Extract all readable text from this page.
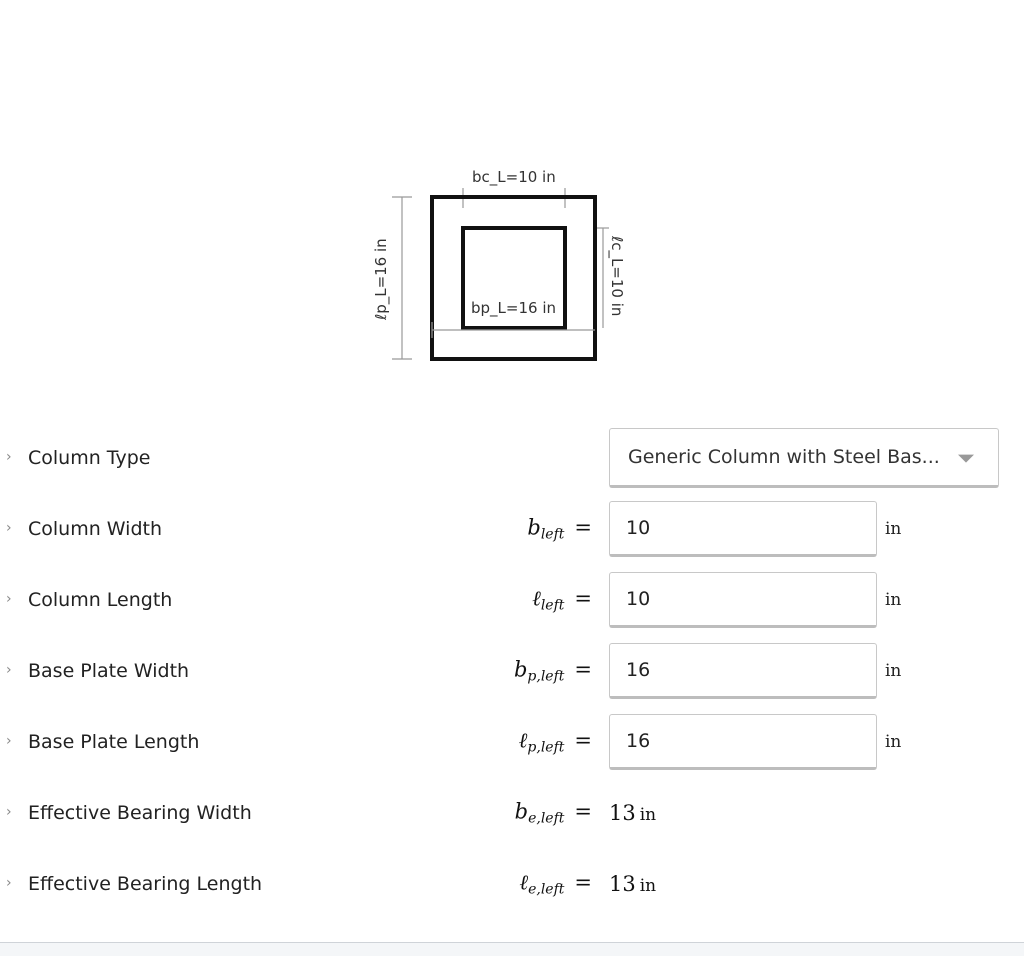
bc_L=10 in
bp_L=16 in
ℓp_L=16 in	ℓc_L=10 in
› Column Type	Generic Column with Steel Bas...
› Column Width	$b_{left} = 10$	in
› Column Length	ℓ$_{left}$ = 10	in
› Base Plate Width	$b_{p,left} = 16$	in
› Base Plate Length	ℓ$_{p,left}$ = 16	in
› Effective Bearing Width	$b_{e,left} = 13$ in
› Effective Bearing Length	ℓ$_{e,left}$ = 13 in
